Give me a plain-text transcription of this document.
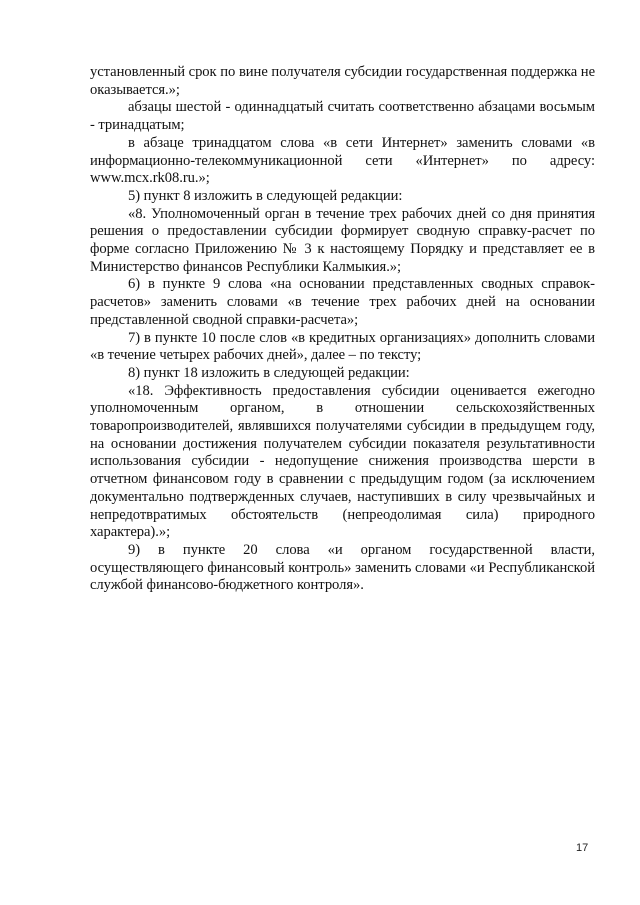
установленный срок по вине получателя субсидии государственная поддержка не оказывается.»;

абзацы шестой - одиннадцатый считать соответственно абзацами восьмым - тринадцатым;

в абзаце тринадцатом слова «в сети Интернет» заменить словами «в информационно-телекоммуникационной сети «Интернет» по адресу: www.mcx.rk08.ru.»;

5) пункт 8 изложить в следующей редакции:

«8. Уполномоченный орган в течение трех рабочих дней со дня принятия решения о предоставлении субсидии формирует сводную справку-расчет по форме согласно Приложению № 3 к настоящему Порядку и представляет ее в Министерство финансов Республики Калмыкия.»;

6) в пункте 9 слова «на основании представленных сводных справок-расчетов» заменить словами «в течение трех рабочих дней на основании представленной сводной справки-расчета»;

7) в пункте 10 после слов «в кредитных организациях» дополнить словами «в течение четырех рабочих дней», далее – по тексту;

8) пункт 18 изложить в следующей редакции:

«18. Эффективность предоставления субсидии оценивается ежегодно уполномоченным органом, в отношении сельскохозяйственных товаропроизводителей, являвшихся получателями субсидии в предыдущем году, на основании достижения получателем субсидии показателя результативности использования субсидии - недопущение снижения производства шерсти в отчетном финансовом году в сравнении с предыдущим годом (за исключением документально подтвержденных случаев, наступивших в силу чрезвычайных и непредотвратимых обстоятельств (непреодолимая сила) природного характера).»;

9) в пункте 20 слова «и органом государственной власти, осуществляющего финансовый контроль» заменить словами «и Республиканской службой финансово-бюджетного контроля».

17
